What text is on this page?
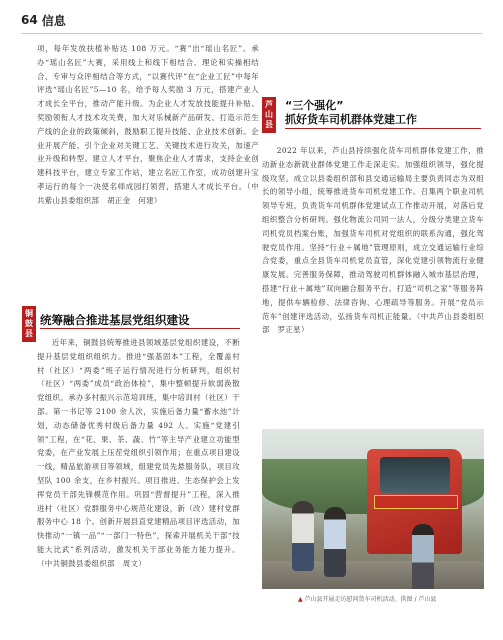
64 信息

项，每年发放扶植补贴达 108 万元。“赛”出“瑶山名匠”。承办“瑶山名匠”大赛，采用线上和线下相结合、理论和实操相结合、专审与众评相结合等方式，“以赛代评”在“企业工匠”中每年评选“瑶山名匠”5—10 名，给予每人奖励 3 万元，搭建产业人才成长全平台，推动产能升级。为企业人才发放技能提升补贴、奖励领衔人才技术攻关费，加大对乐械新产品研发、打造示范生产线的企业的政策倾斜，鼓励职工提升技能、企业技术创新。企业开展产能、引个企业对关键工艺、关键技术进行攻关，加速产业升级和转型。建立人才平台，聚焦企业人才需求，支持企业创建科技平台，建立专家工作站，建立名匠工作室，成功创建升宝孝运行的每个一决使名师成园打领营，搭建人才成长平台。（中共紫山县委组织部　胡正金　何建）

铜鼓县
统筹融合推进基层党组织建设

近年来，铜鼓县统筹推进县领域基层党组织建设，不断提升基层党组织组织力。推进“强基固本”工程，全覆盖村村（社区）“两委”班子运行情况进行分析研判，组织村（社区）“两委”成员“政治体检”，集中整顿提升软弱涣散党组织。承办多村振兴示范培训班，集中培训村（社区）干部。第一书记等 2100 余人次，实施后备力量“蓄水池”计划，动态储备优秀村级后备力量 492 人。实施“党建引领”工程，在“花、果、茶、蔬、竹”等主导产业建立功能型党委，在产业发展上压茬党组织引领作用；在重点项目建设一线，精品旅游项目等领域，组建党员先悬服务队，项目攻坚队 100 余支，在乡村振兴、项目推进、生态保护会上发挥党员干部先锋模范作用。巩固“营督提升”工程，深入推进村（社区）党群服务中心规范化建设，新（改）建村党群服务中心 18 个。创新开展县直党建精品项目评选活动，加快推动“一镇一品”“一部门一特色”，探索开展机关干部“技能大比武”系列活动，激发机关干部业务能力能力提升。（中共铜鼓县委组织部　周文）

芦山县
“三个强化”
抓好货车司机群体党建工作

2022 年以来，芦山县持续强化货车司机群体党建工作，推动新业态新就业群体党建工作走深走实。加强组织领导，强化提级攻坚。成立以县委组织部和县交通运输局主要负责同志为双组长的领导小组，统筹推进货车司机党建工作。召集两个职业司机领导专班，负责货车司机群体党建试点工作推动开展，对落后党组织整合分析研判。强化物流公司同一法人，分级分类建立货车司机党员档案台账，加强货车司机对党组织的联系沟通，强化驾驶党员作用。坚持“行业＋属地”管理原则，成立交通运输行业综合党委，重点全县货车司机党员直管，深化党建引领物流行业健康发展。完善服务保障，推动驾驶司机群体融入城市基层治理，搭建“行业＋属地”双向融合服务平台。打造“司机之家”等服务阵地，提供车辆检修、法律咨询、心理疏导等服务。开展“党员示范车”创建评选活动，弘扬货车司机正能量。（中共芦山县委组织部　罗正星）

▲ 芦山县开展走访慰问货车司机活动。供图 / 芦山县
